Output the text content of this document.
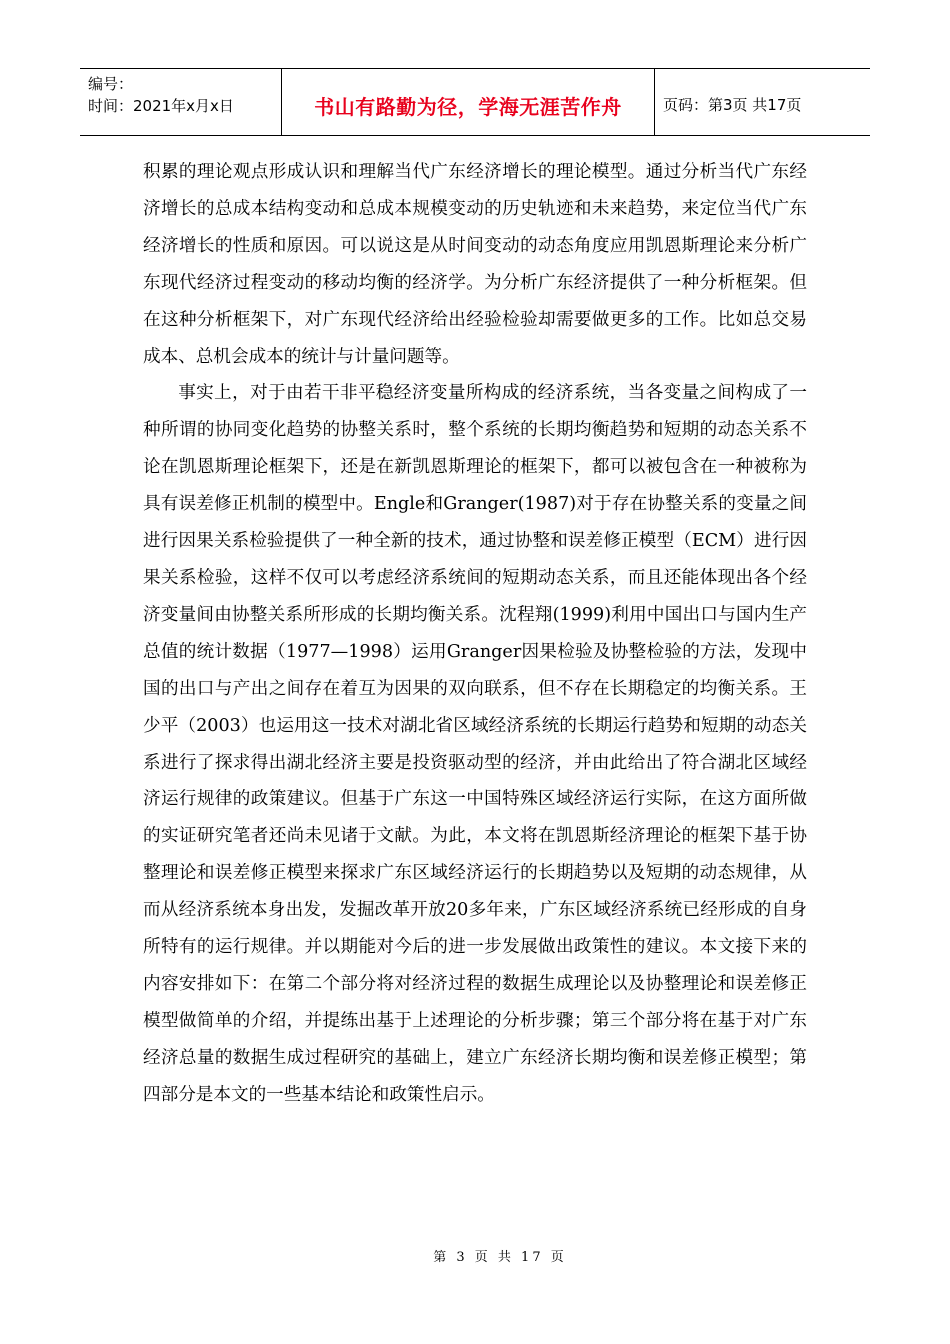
编号：
时间：2021年x月x日	书山有路勤为径，学海无涯苦作舟	页码：第3页 共17页

积累的理论观点形成认识和理解当代广东经济增长的理论模型。通过分析当代广东经济增长的总成本结构变动和总成本规模变动的历史轨迹和未来趋势，来定位当代广东经济增长的性质和原因。可以说这是从时间变动的动态角度应用凯恩斯理论来分析广东现代经济过程变动的移动均衡的经济学。为分析广东经济提供了一种分析框架。但在这种分析框架下，对广东现代经济给出经验检验却需要做更多的工作。比如总交易成本、总机会成本的统计与计量问题等。

事实上，对于由若干非平稳经济变量所构成的经济系统，当各变量之间构成了一种所谓的协同变化趋势的协整关系时，整个系统的长期均衡趋势和短期的动态关系不论在凯恩斯理论框架下，还是在新凯恩斯理论的框架下，都可以被包含在一种被称为具有误差修正机制的模型中。Engle和Granger(1987)对于存在协整关系的变量之间进行因果关系检验提供了一种全新的技术，通过协整和误差修正模型（ECM）进行因果关系检验，这样不仅可以考虑经济系统间的短期动态关系，而且还能体现出各个经济变量间由协整关系所形成的长期均衡关系。沈程翔(1999)利用中国出口与国内生产总值的统计数据（1977—1998）运用Granger因果检验及协整检验的方法，发现中国的出口与产出之间存在着互为因果的双向联系，但不存在长期稳定的均衡关系。王少平（2003）也运用这一技术对湖北省区域经济系统的长期运行趋势和短期的动态关系进行了探求得出湖北经济主要是投资驱动型的经济，并由此给出了符合湖北区域经济运行规律的政策建议。但基于广东这一中国特殊区域经济运行实际，在这方面所做的实证研究笔者还尚未见诸于文献。为此，本文将在凯恩斯经济理论的框架下基于协整理论和误差修正模型来探求广东区域经济运行的长期趋势以及短期的动态规律，从而从经济系统本身出发，发掘改革开放20多年来，广东区域经济系统已经形成的自身所特有的运行规律。并以期能对今后的进一步发展做出政策性的建议。本文接下来的内容安排如下：在第二个部分将对经济过程的数据生成理论以及协整理论和误差修正模型做简单的介绍，并提练出基于上述理论的分析步骤；第三个部分将在基于对广东经济总量的数据生成过程研究的基础上，建立广东经济长期均衡和误差修正模型；第四部分是本文的一些基本结论和政策性启示。

第 3 页 共 17 页
